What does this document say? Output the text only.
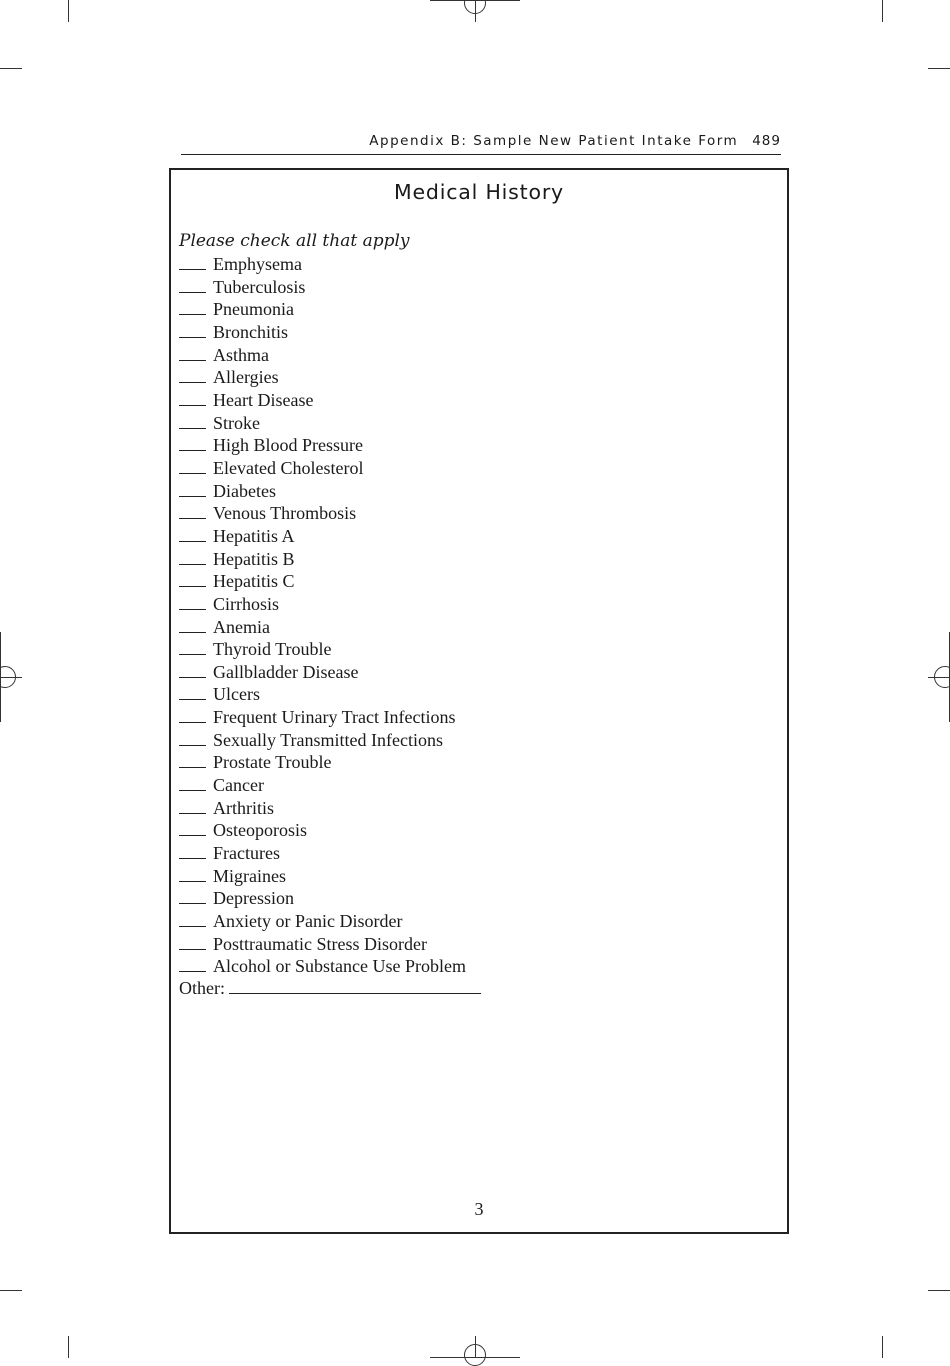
Appendix B: Sample New Patient Intake Form 489
Medical History

Please check all that apply

Emphysema
Tuberculosis
Pneumonia
Bronchitis
Asthma
Allergies
Heart Disease
Stroke
High Blood Pressure
Elevated Cholesterol
Diabetes
Venous Thrombosis
Hepatitis A
Hepatitis B
Hepatitis C
Cirrhosis
Anemia
Thyroid Trouble
Gallbladder Disease
Ulcers
Frequent Urinary Tract Infections
Sexually Transmitted Infections
Prostate Trouble
Cancer
Arthritis
Osteoporosis
Fractures
Migraines
Depression
Anxiety or Panic Disorder
Posttraumatic Stress Disorder
Alcohol or Substance Use Problem
Other:
3
